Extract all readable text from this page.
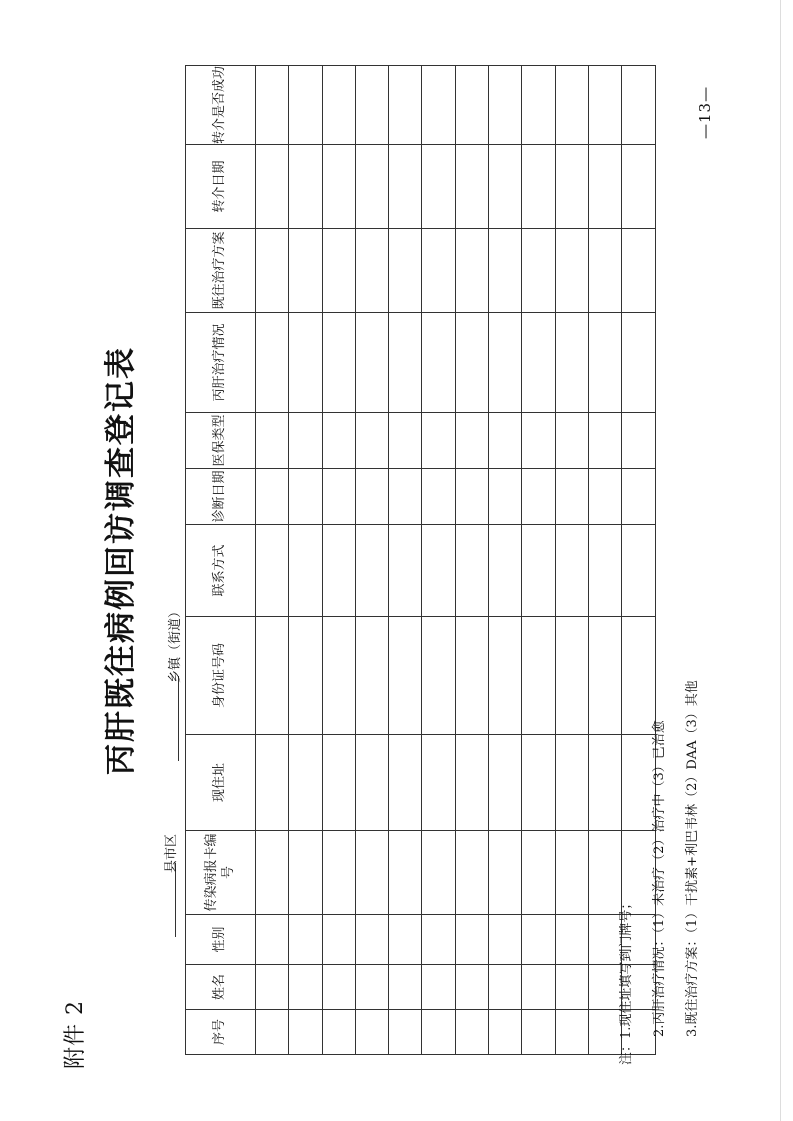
附件 2
丙肝既往病例回访调查登记表
县市区
乡镇（街道）
序号	姓名	性别	传染病报卡编号	现住址	身份证号码	联系方式	诊断日期	医保类型	丙肝治疗情况	既往治疗方案	转介日期	转介是否成功

注：1.现住址填写到门牌号；	2.丙肝治疗情况：（1）未治疗（2）治疗中（3）已治愈	3.既往治疗方案：（1）干扰素+利巴韦林（2）DAA（3）其他
—13—
